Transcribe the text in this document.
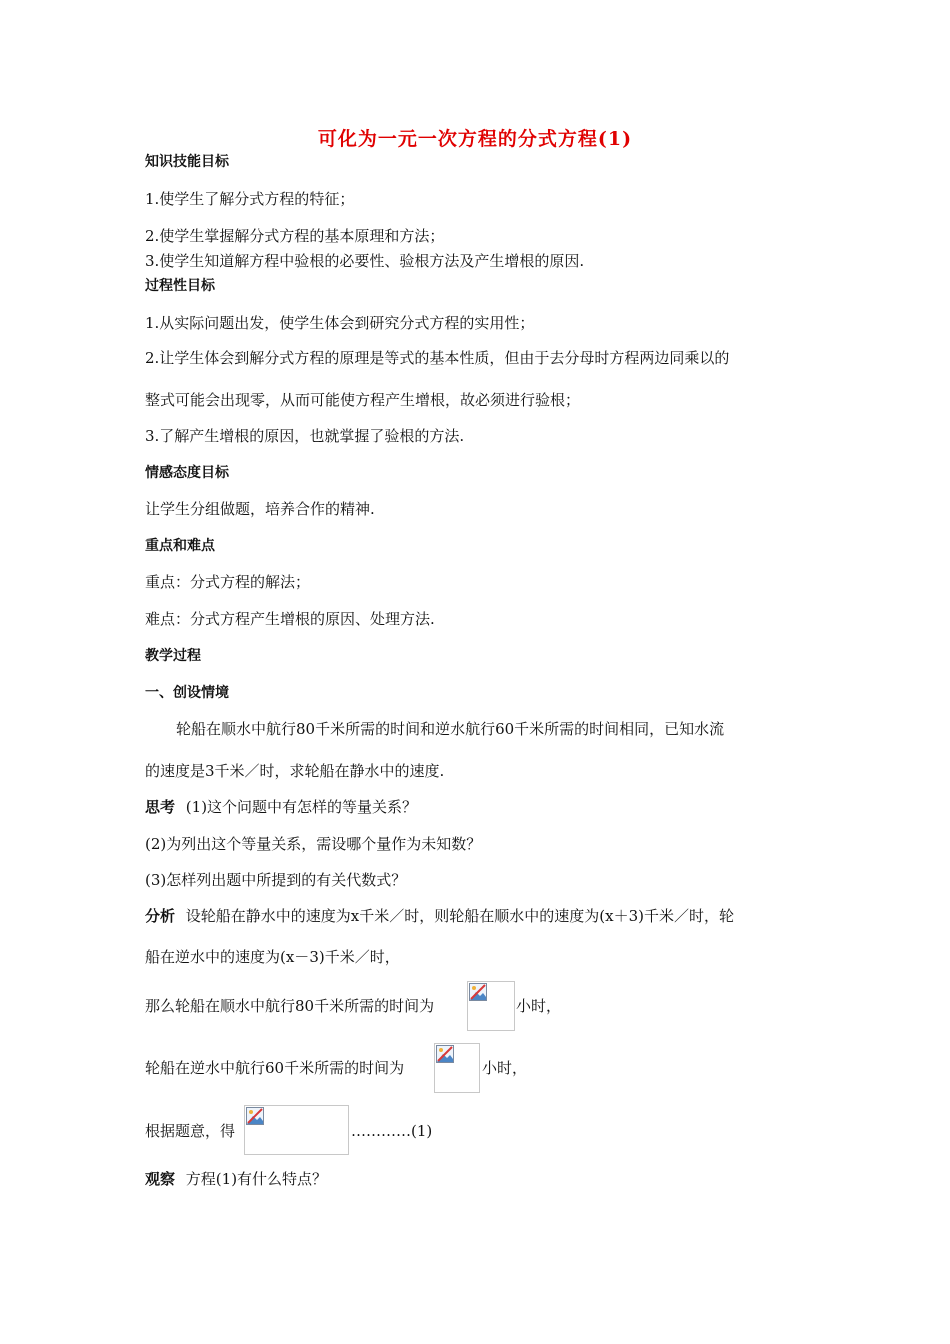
可化为一元一次方程的分式方程(1)
知识技能目标
1.使学生了解分式方程的特征；
2.使学生掌握解分式方程的基本原理和方法；
3.使学生知道解方程中验根的必要性、验根方法及产生增根的原因.
过程性目标
1.从实际问题出发，使学生体会到研究分式方程的实用性；
2.让学生体会到解分式方程的原理是等式的基本性质，但由于去分母时方程两边同乘以的
整式可能会出现零，从而可能使方程产生增根，故必须进行验根；
3.了解产生增根的原因，也就掌握了验根的方法.
情感态度目标
让学生分组做题，培养合作的精神.
重点和难点
重点：分式方程的解法；
难点：分式方程产生增根的原因、处理方法.
教学过程
一、创设情境
轮船在顺水中航行80千米所需的时间和逆水航行60千米所需的时间相同，已知水流
的速度是3千米／时，求轮船在静水中的速度.
思考 (1)这个问题中有怎样的等量关系？
(2)为列出这个等量关系，需设哪个量作为未知数？
(3)怎样列出题中所提到的有关代数式？
分析 设轮船在静水中的速度为x千米／时，则轮船在顺水中的速度为(x＋3)千米／时，轮
船在逆水中的速度为(x－3)千米／时，
那么轮船在顺水中航行80千米所需的时间为	小时，
轮船在逆水中航行60千米所需的时间为	小时，
根据题意，得	…………(1)
观察 方程(1)有什么特点？
